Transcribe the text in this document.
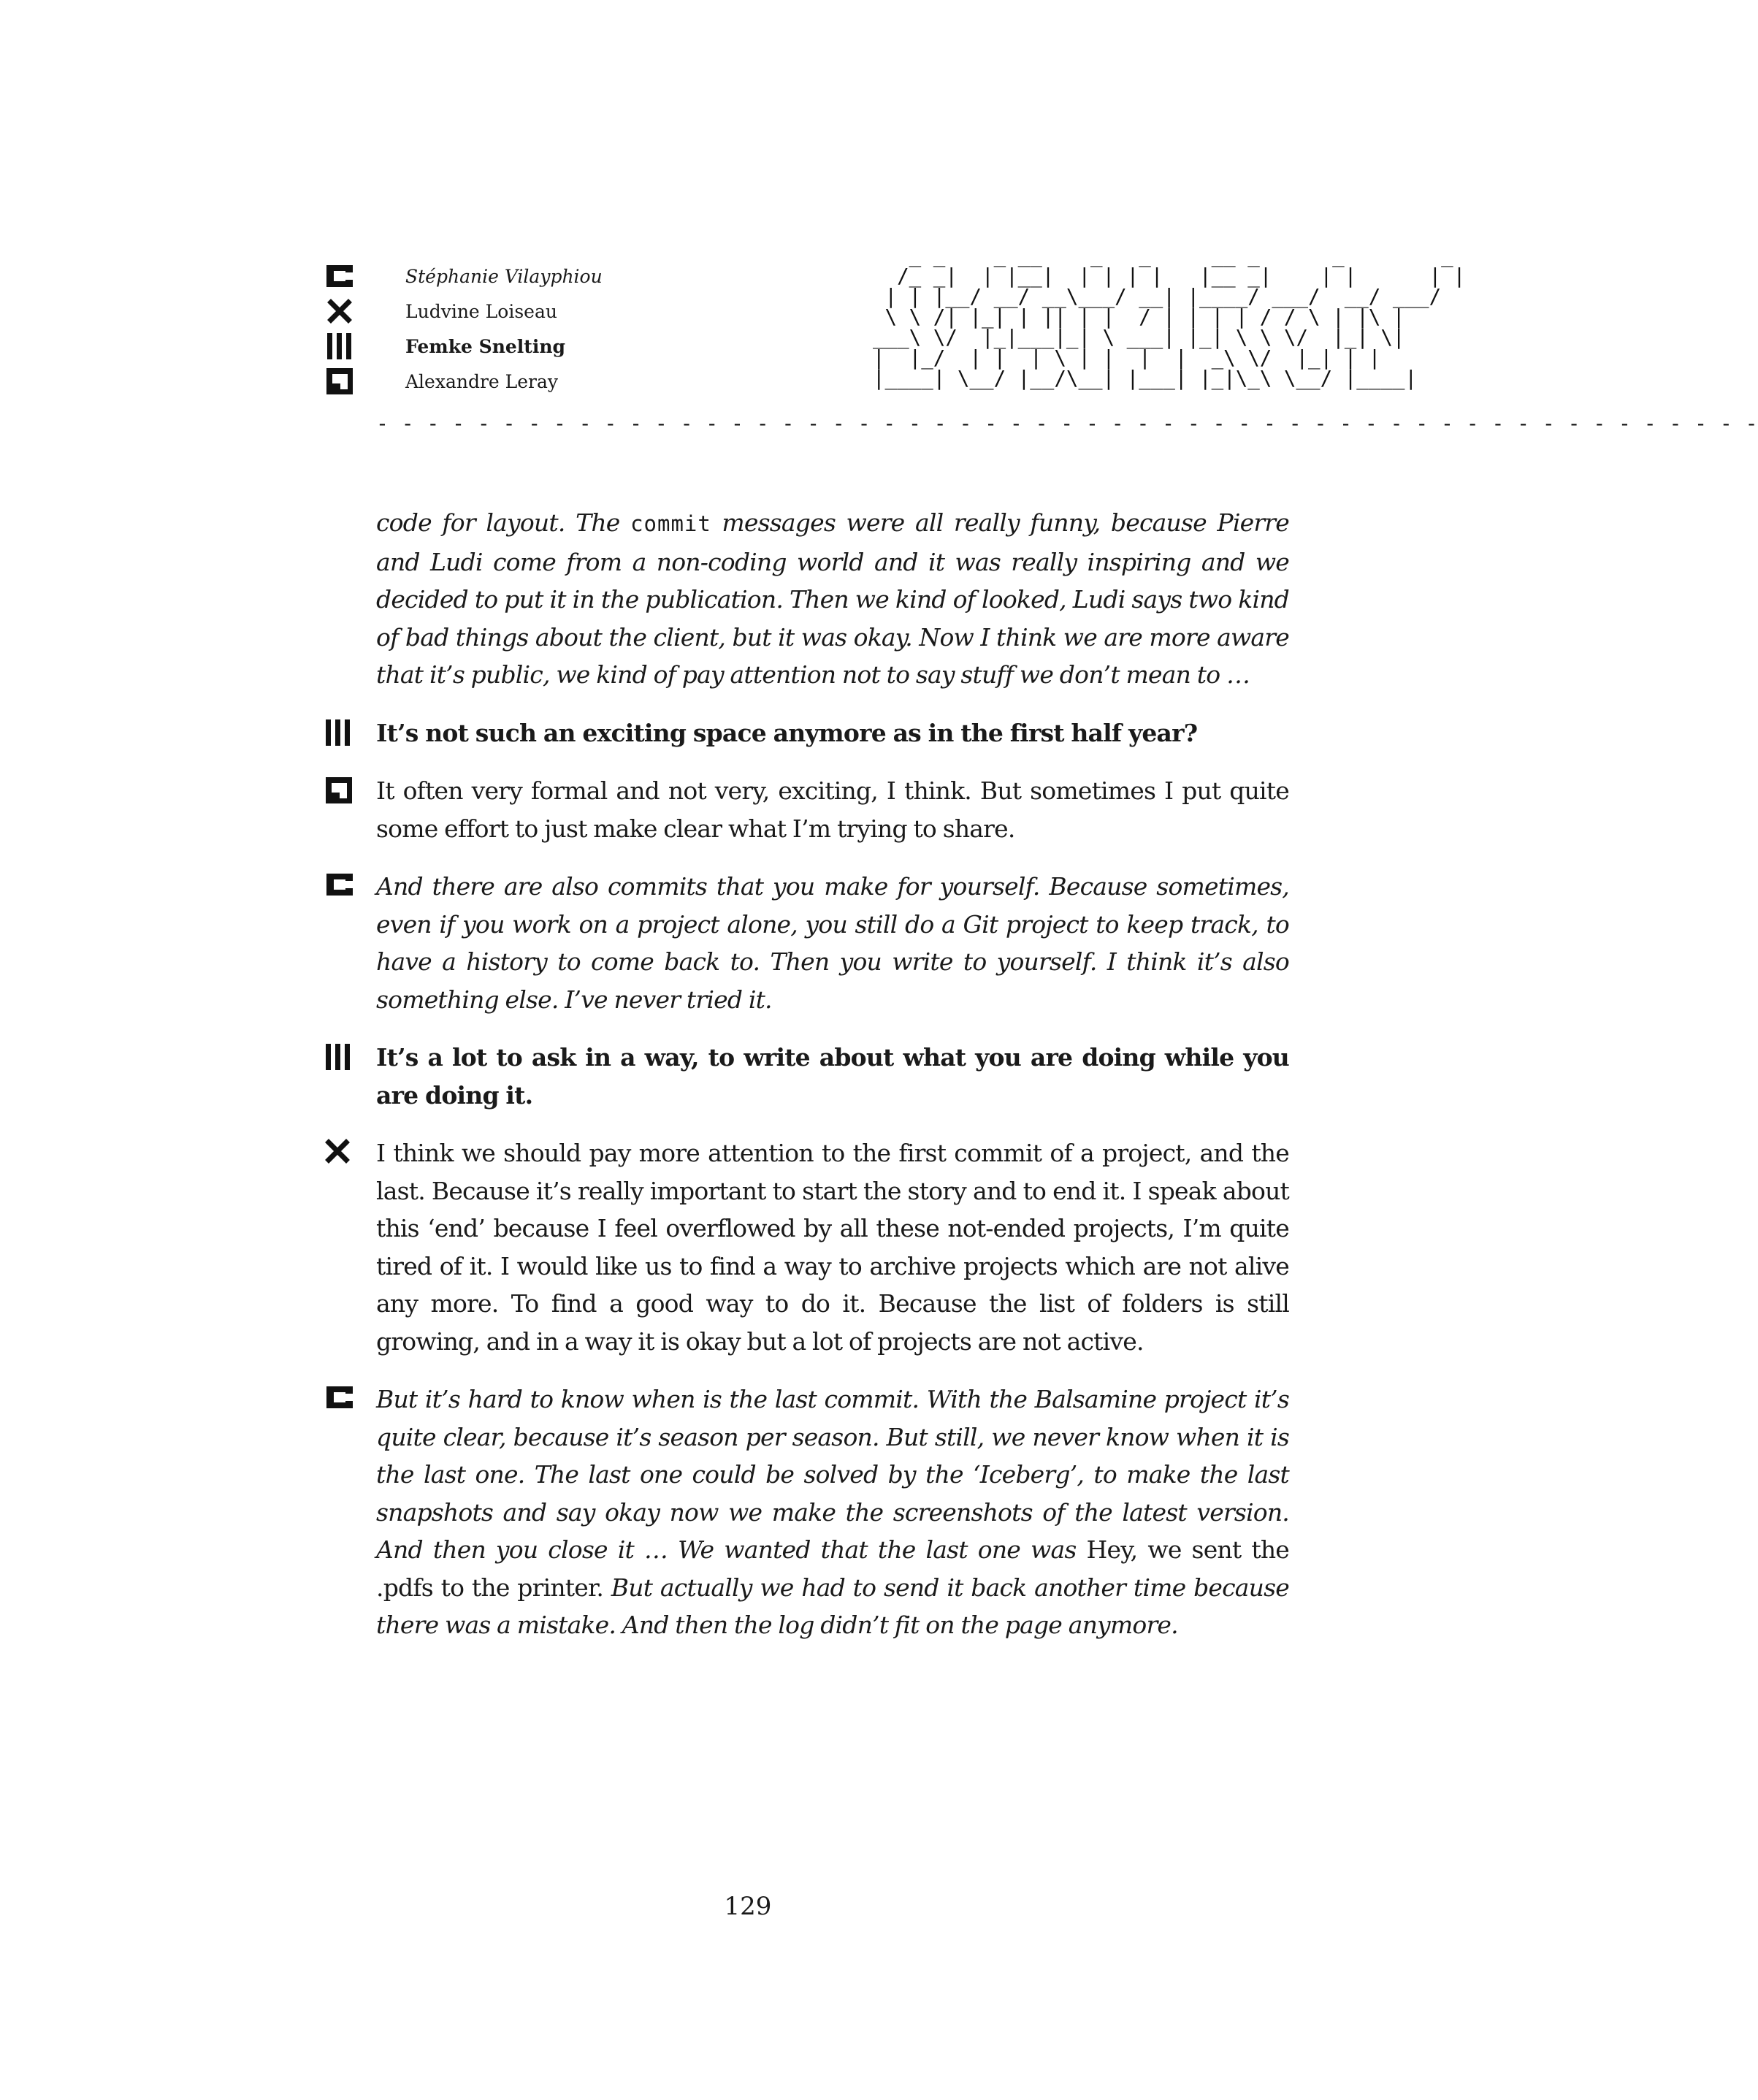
Stéphanie Vilayphiou
Ludvine Loiseau
Femke Snelting
Alexandre Leray
_ _    _ __    _   _     __ _      _        _
/_ _|  | |__|  | | | |   |__ _|    | |      | |
| | |__/ __/ __\___/ __| |____/ ___/  __/ ___/
\ \ /| |_| | || | |  / | | | | / / \ | |\ |
___\ \/  |_|___|_| \ ___| |_| \ \ \/  |_| \|
|  |_/  | |  | \ | |  |  |  _\ \/  |_| | |
|____| \__/ |__/\__| |___| |_|\_\ \__/ |____|
- - - - - - - - - - - - - - - - - - - - - - - - - - - - - - - - - - - - - - - - - - - - - - - - - - - - - - -
code for layout. The commit messages were all really funny, because Pierre and Ludi come from a non-coding world and it was really inspiring and we decided to put it in the publication. Then we kind of looked, Ludi says two kind of bad things about the client, but it was okay. Now I think we are more aware that it’s public, we kind of pay attention not to say stuff we don’t mean to …
It’s not such an exciting space anymore as in the first half year?
It often very formal and not very, exciting, I think. But sometimes I put quite some effort to just make clear what I’m trying to share.
And there are also commits that you make for yourself. Because sometimes, even if you work on a project alone, you still do a Git project to keep track, to have a history to come back to. Then you write to yourself. I think it’s also something else. I’ve never tried it.
It’s a lot to ask in a way, to write about what you are doing while you are doing it.
I think we should pay more attention to the first commit of a project, and the last. Because it’s really important to start the story and to end it. I speak about this ‘end’ because I feel overflowed by all these not-ended projects, I’m quite tired of it. I would like us to find a way to archive projects which are not alive any more. To find a good way to do it. Because the list of folders is still growing, and in a way it is okay but a lot of projects are not active.
But it’s hard to know when is the last commit. With the Balsamine project it’s quite clear, because it’s season per season. But still, we never know when it is the last one. The last one could be solved by the ‘Iceberg’, to make the last snapshots and say okay now we make the screenshots of the latest version. And then you close it … We wanted that the last one was Hey, we sent the .pdfs to the printer. But actually we had to send it back another time because there was a mistake. And then the log didn’t fit on the page anymore.
129
